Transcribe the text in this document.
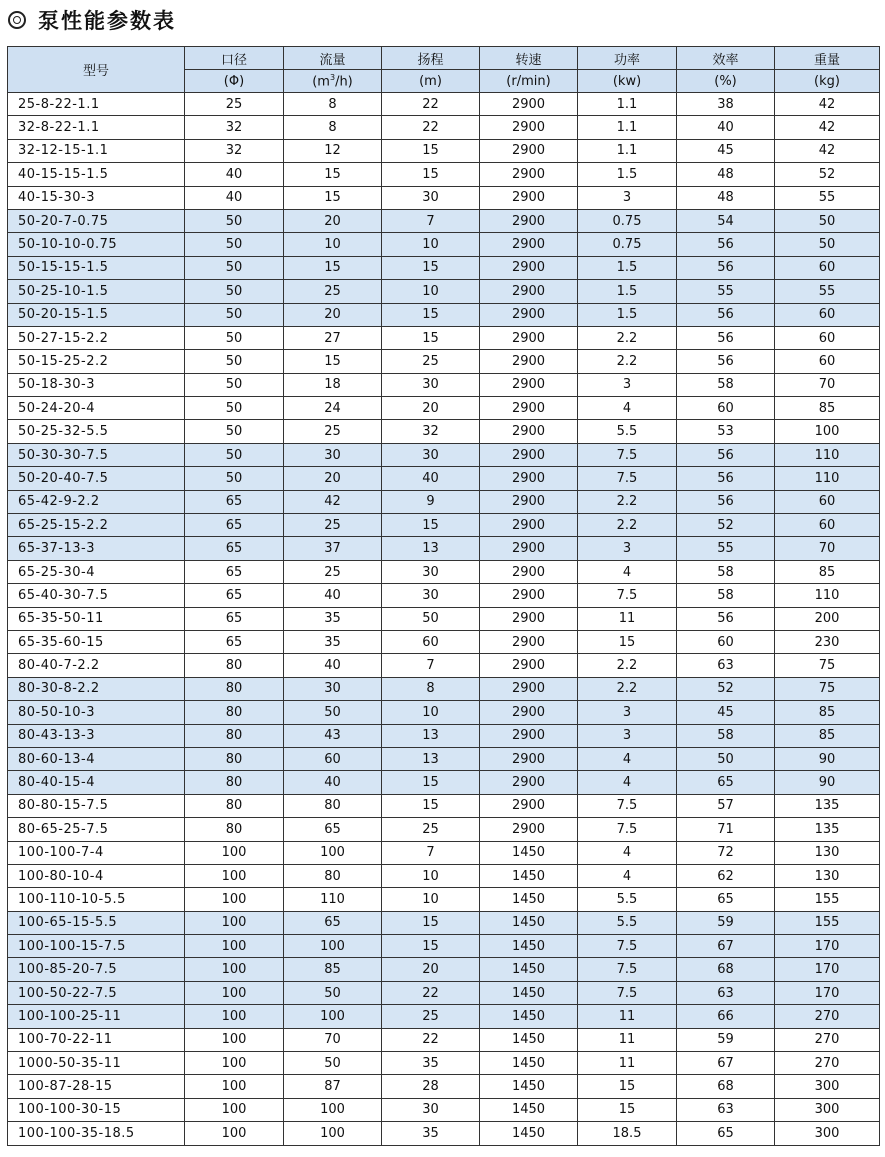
泵性能参数表
型号	口径	流量	扬程	转速	功率	效率	重量
	(Φ)	$(m^3/h)$	(m)	(r/min)	(kw)	(%)	(kg)
25-8-22-1.1	25	8	22	2900	1.1	38	42
32-8-22-1.1	32	8	22	2900	1.1	40	42
32-12-15-1.1	32	12	15	2900	1.1	45	42
40-15-15-1.5	40	15	15	2900	1.5	48	52
40-15-30-3	40	15	30	2900	3	48	55
50-20-7-0.75	50	20	7	2900	0.75	54	50
50-10-10-0.75	50	10	10	2900	0.75	56	50
50-15-15-1.5	50	15	15	2900	1.5	56	60
50-25-10-1.5	50	25	10	2900	1.5	55	55
50-20-15-1.5	50	20	15	2900	1.5	56	60
50-27-15-2.2	50	27	15	2900	2.2	56	60
50-15-25-2.2	50	15	25	2900	2.2	56	60
50-18-30-3	50	18	30	2900	3	58	70
50-24-20-4	50	24	20	2900	4	60	85
50-25-32-5.5	50	25	32	2900	5.5	53	100
50-30-30-7.5	50	30	30	2900	7.5	56	110
50-20-40-7.5	50	20	40	2900	7.5	56	110
65-42-9-2.2	65	42	9	2900	2.2	56	60
65-25-15-2.2	65	25	15	2900	2.2	52	60
65-37-13-3	65	37	13	2900	3	55	70
65-25-30-4	65	25	30	2900	4	58	85
65-40-30-7.5	65	40	30	2900	7.5	58	110
65-35-50-11	65	35	50	2900	11	56	200
65-35-60-15	65	35	60	2900	15	60	230
80-40-7-2.2	80	40	7	2900	2.2	63	75
80-30-8-2.2	80	30	8	2900	2.2	52	75
80-50-10-3	80	50	10	2900	3	45	85
80-43-13-3	80	43	13	2900	3	58	85
80-60-13-4	80	60	13	2900	4	50	90
80-40-15-4	80	40	15	2900	4	65	90
80-80-15-7.5	80	80	15	2900	7.5	57	135
80-65-25-7.5	80	65	25	2900	7.5	71	135
100-100-7-4	100	100	7	1450	4	72	130
100-80-10-4	100	80	10	1450	4	62	130
100-110-10-5.5	100	110	10	1450	5.5	65	155
100-65-15-5.5	100	65	15	1450	5.5	59	155
100-100-15-7.5	100	100	15	1450	7.5	67	170
100-85-20-7.5	100	85	20	1450	7.5	68	170
100-50-22-7.5	100	50	22	1450	7.5	63	170
100-100-25-11	100	100	25	1450	11	66	270
100-70-22-11	100	70	22	1450	11	59	270
1000-50-35-11	100	50	35	1450	11	67	270
100-87-28-15	100	87	28	1450	15	68	300
100-100-30-15	100	100	30	1450	15	63	300
100-100-35-18.5	100	100	35	1450	18.5	65	300
